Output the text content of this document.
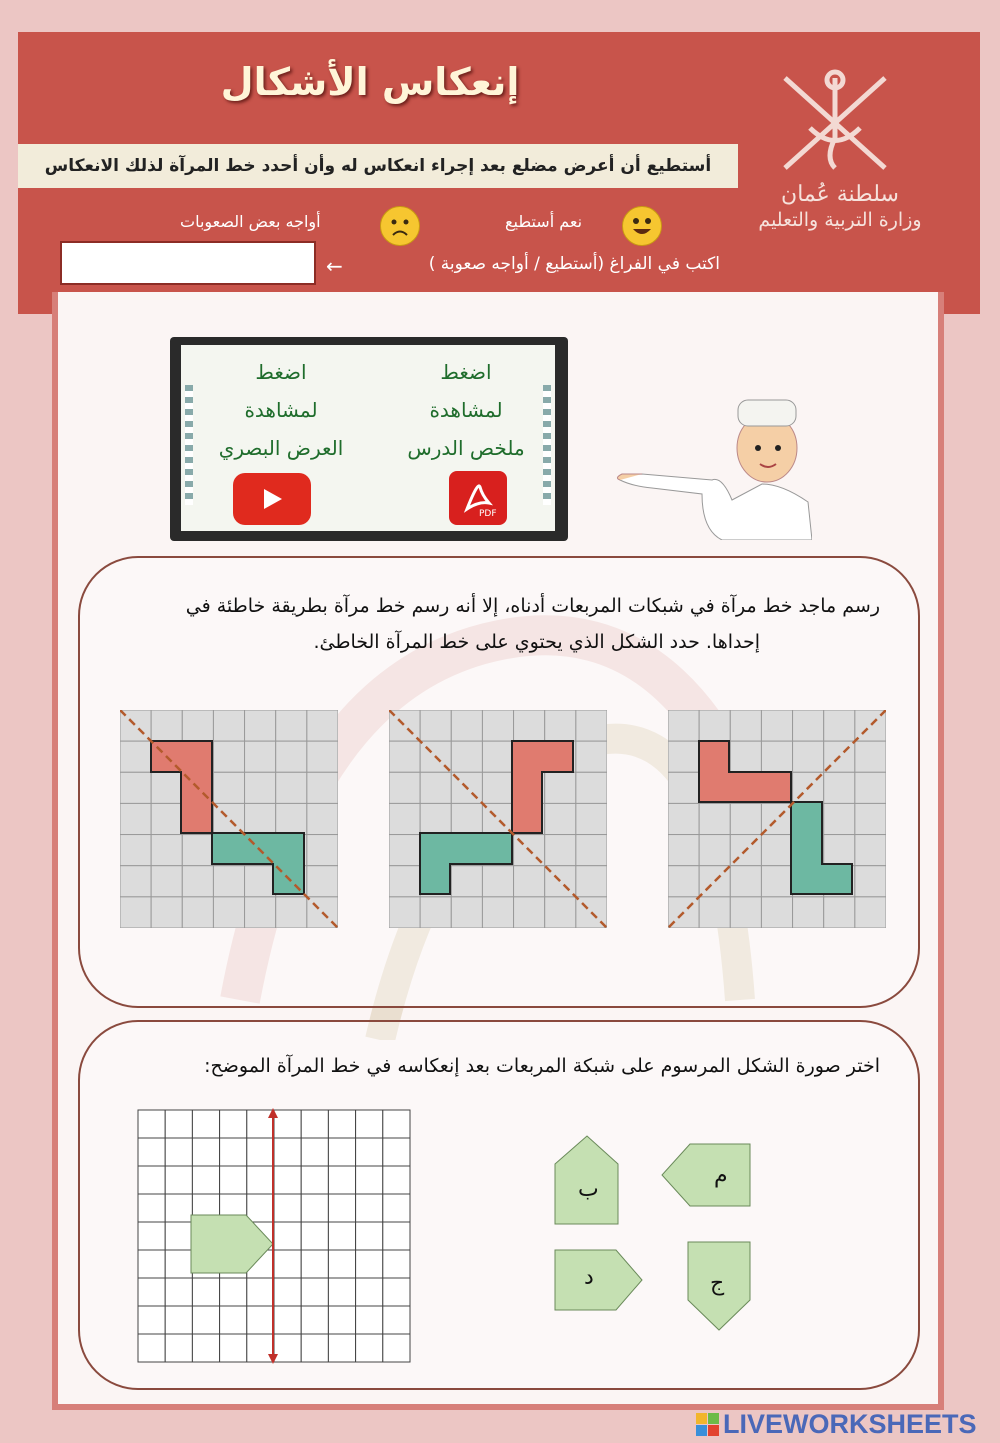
إنعكاس الأشكال
أستطيع أن أعرض مضلع بعد إجراء انعكاس له وأن أحدد خط المرآة لذلك الانعكاس
نعم أستطيع
أواجه بعض الصعوبات
اكتب في الفراغ (أستطيع / أواجه صعوبة )
←
سلطنة عُمان
وزارة التربية والتعليم
اضغط
لمشاهدة
ملخص الدرس
اضغط
لمشاهدة
العرض البصري
PDF
رسم ماجد خط مرآة في شبكات المربعات أدناه، إلا أنه رسم خط مرآة بطريقة خاطئة في
إحداها. حدد الشكل الذي يحتوي على خط المرآة الخاطئ.
اختر صورة الشكل المرسوم على شبكة المربعات بعد إنعكاسه في خط المرآة الموضح:
م
ب
ج
د
LIVEWORKSHEETS
